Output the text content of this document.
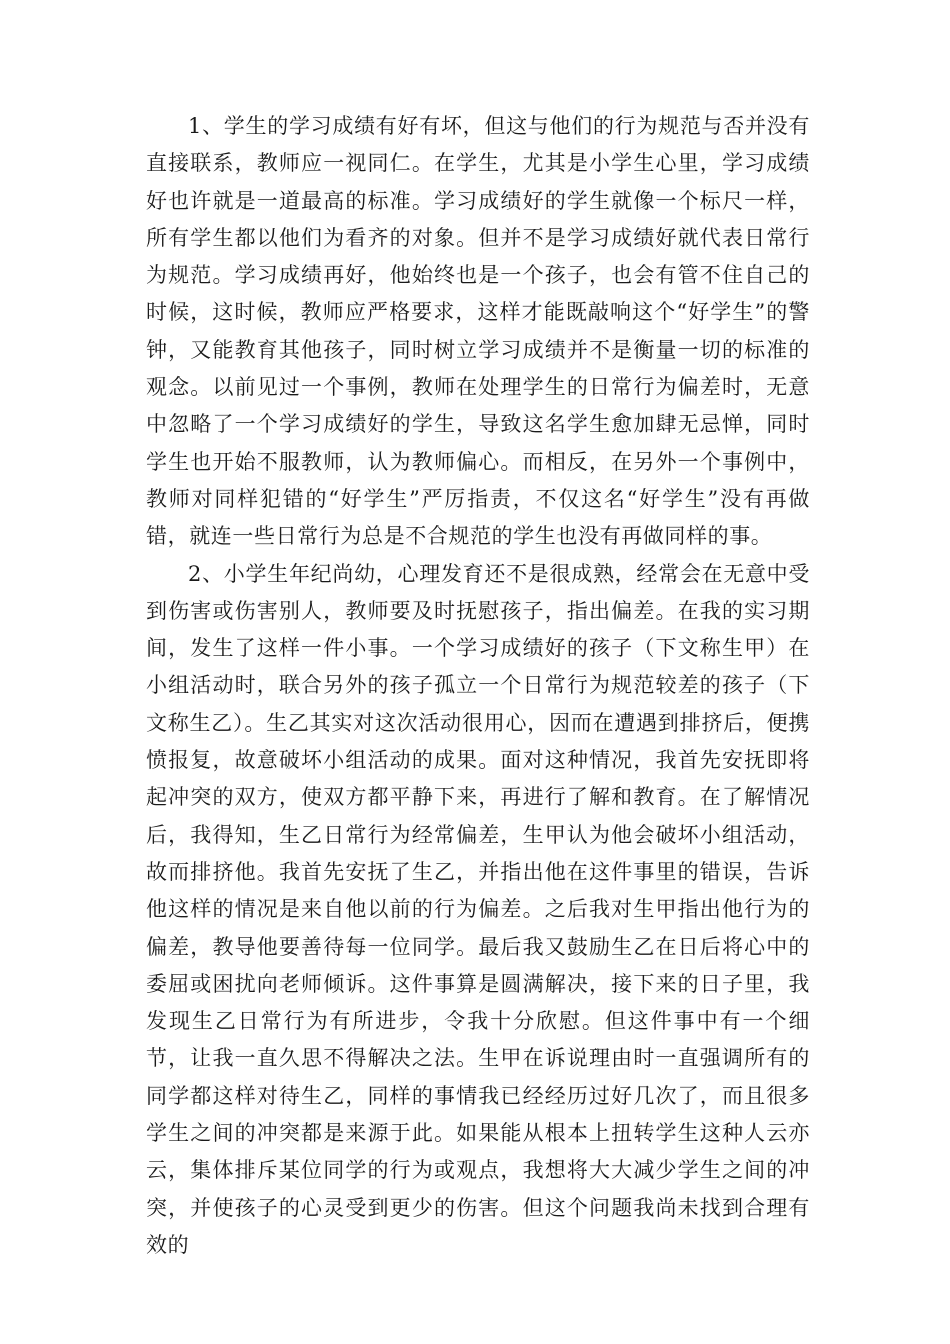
1、学生的学习成绩有好有坏，但这与他们的行为规范与否并没有直接联系，教师应一视同仁。在学生，尤其是小学生心里，学习成绩好也许就是一道最高的标准。学习成绩好的学生就像一个标尺一样，所有学生都以他们为看齐的对象。但并不是学习成绩好就代表日常行为规范。学习成绩再好，他始终也是一个孩子，也会有管不住自己的时候，这时候，教师应严格要求，这样才能既敲响这个“好学生”的警钟，又能教育其他孩子，同时树立学习成绩并不是衡量一切的标准的观念。以前见过一个事例，教师在处理学生的日常行为偏差时，无意中忽略了一个学习成绩好的学生，导致这名学生愈加肆无忌惮，同时学生也开始不服教师，认为教师偏心。而相反，在另外一个事例中，教师对同样犯错的“好学生”严厉指责，不仅这名“好学生”没有再做错，就连一些日常行为总是不合规范的学生也没有再做同样的事。

2、小学生年纪尚幼，心理发育还不是很成熟，经常会在无意中受到伤害或伤害别人，教师要及时抚慰孩子，指出偏差。在我的实习期间，发生了这样一件小事。一个学习成绩好的孩子（下文称生甲）在小组活动时，联合另外的孩子孤立一个日常行为规范较差的孩子（下文称生乙）。生乙其实对这次活动很用心，因而在遭遇到排挤后，便携愤报复，故意破坏小组活动的成果。面对这种情况，我首先安抚即将起冲突的双方，使双方都平静下来，再进行了解和教育。在了解情况后，我得知，生乙日常行为经常偏差，生甲认为他会破坏小组活动，故而排挤他。我首先安抚了生乙，并指出他在这件事里的错误，告诉他这样的情况是来自他以前的行为偏差。之后我对生甲指出他行为的偏差，教导他要善待每一位同学。最后我又鼓励生乙在日后将心中的委屈或困扰向老师倾诉。这件事算是圆满解决，接下来的日子里，我发现生乙日常行为有所进步，令我十分欣慰。但这件事中有一个细节，让我一直久思不得解决之法。生甲在诉说理由时一直强调所有的同学都这样对待生乙，同样的事情我已经经历过好几次了，而且很多学生之间的冲突都是来源于此。如果能从根本上扭转学生这种人云亦云，集体排斥某位同学的行为或观点，我想将大大减少学生之间的冲突，并使孩子的心灵受到更少的伤害。但这个问题我尚未找到合理有效的
